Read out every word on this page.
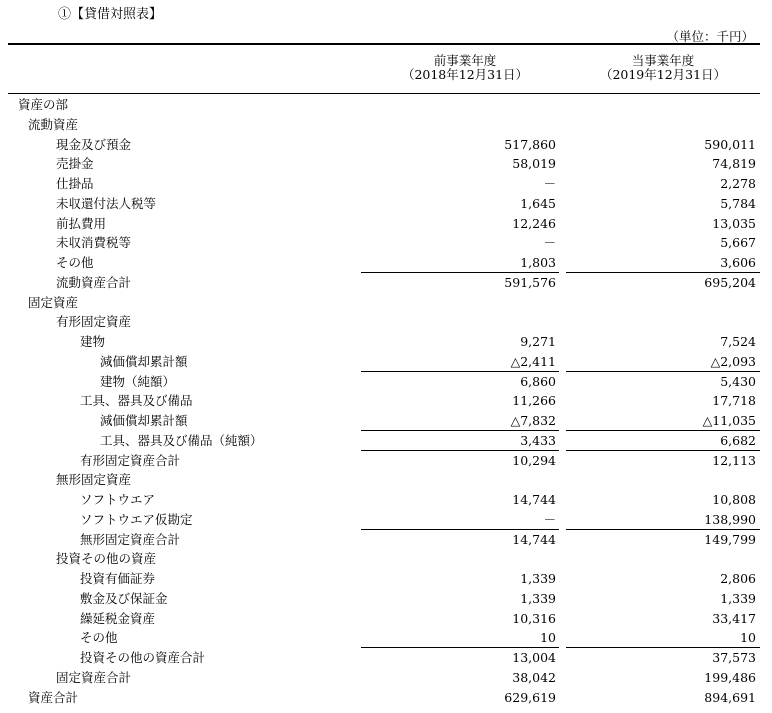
①【貸借対照表】
（単位：千円）
前事業年度
（2018年12月31日）
当事業年度
（2019年12月31日）
資産の部
流動資産
現金及び預金	517,860	590,011
売掛金	58,019	74,819
仕掛品	－	2,278
未収還付法人税等	1,645	5,784
前払費用	12,246	13,035
未収消費税等	－	5,667
その他	1,803	3,606
流動資産合計	591,576	695,204
固定資産
有形固定資産
建物	9,271	7,524
減価償却累計額	△2,411	△2,093
建物（純額）	6,860	5,430
工具、器具及び備品	11,266	17,718
減価償却累計額	△7,832	△11,035
工具、器具及び備品（純額）	3,433	6,682
有形固定資産合計	10,294	12,113
無形固定資産
ソフトウエア	14,744	10,808
ソフトウエア仮勘定	－	138,990
無形固定資産合計	14,744	149,799
投資その他の資産
投資有価証券	1,339	2,806
敷金及び保証金	1,339	1,339
繰延税金資産	10,316	33,417
その他	10	10
投資その他の資産合計	13,004	37,573
固定資産合計	38,042	199,486
資産合計	629,619	894,691
